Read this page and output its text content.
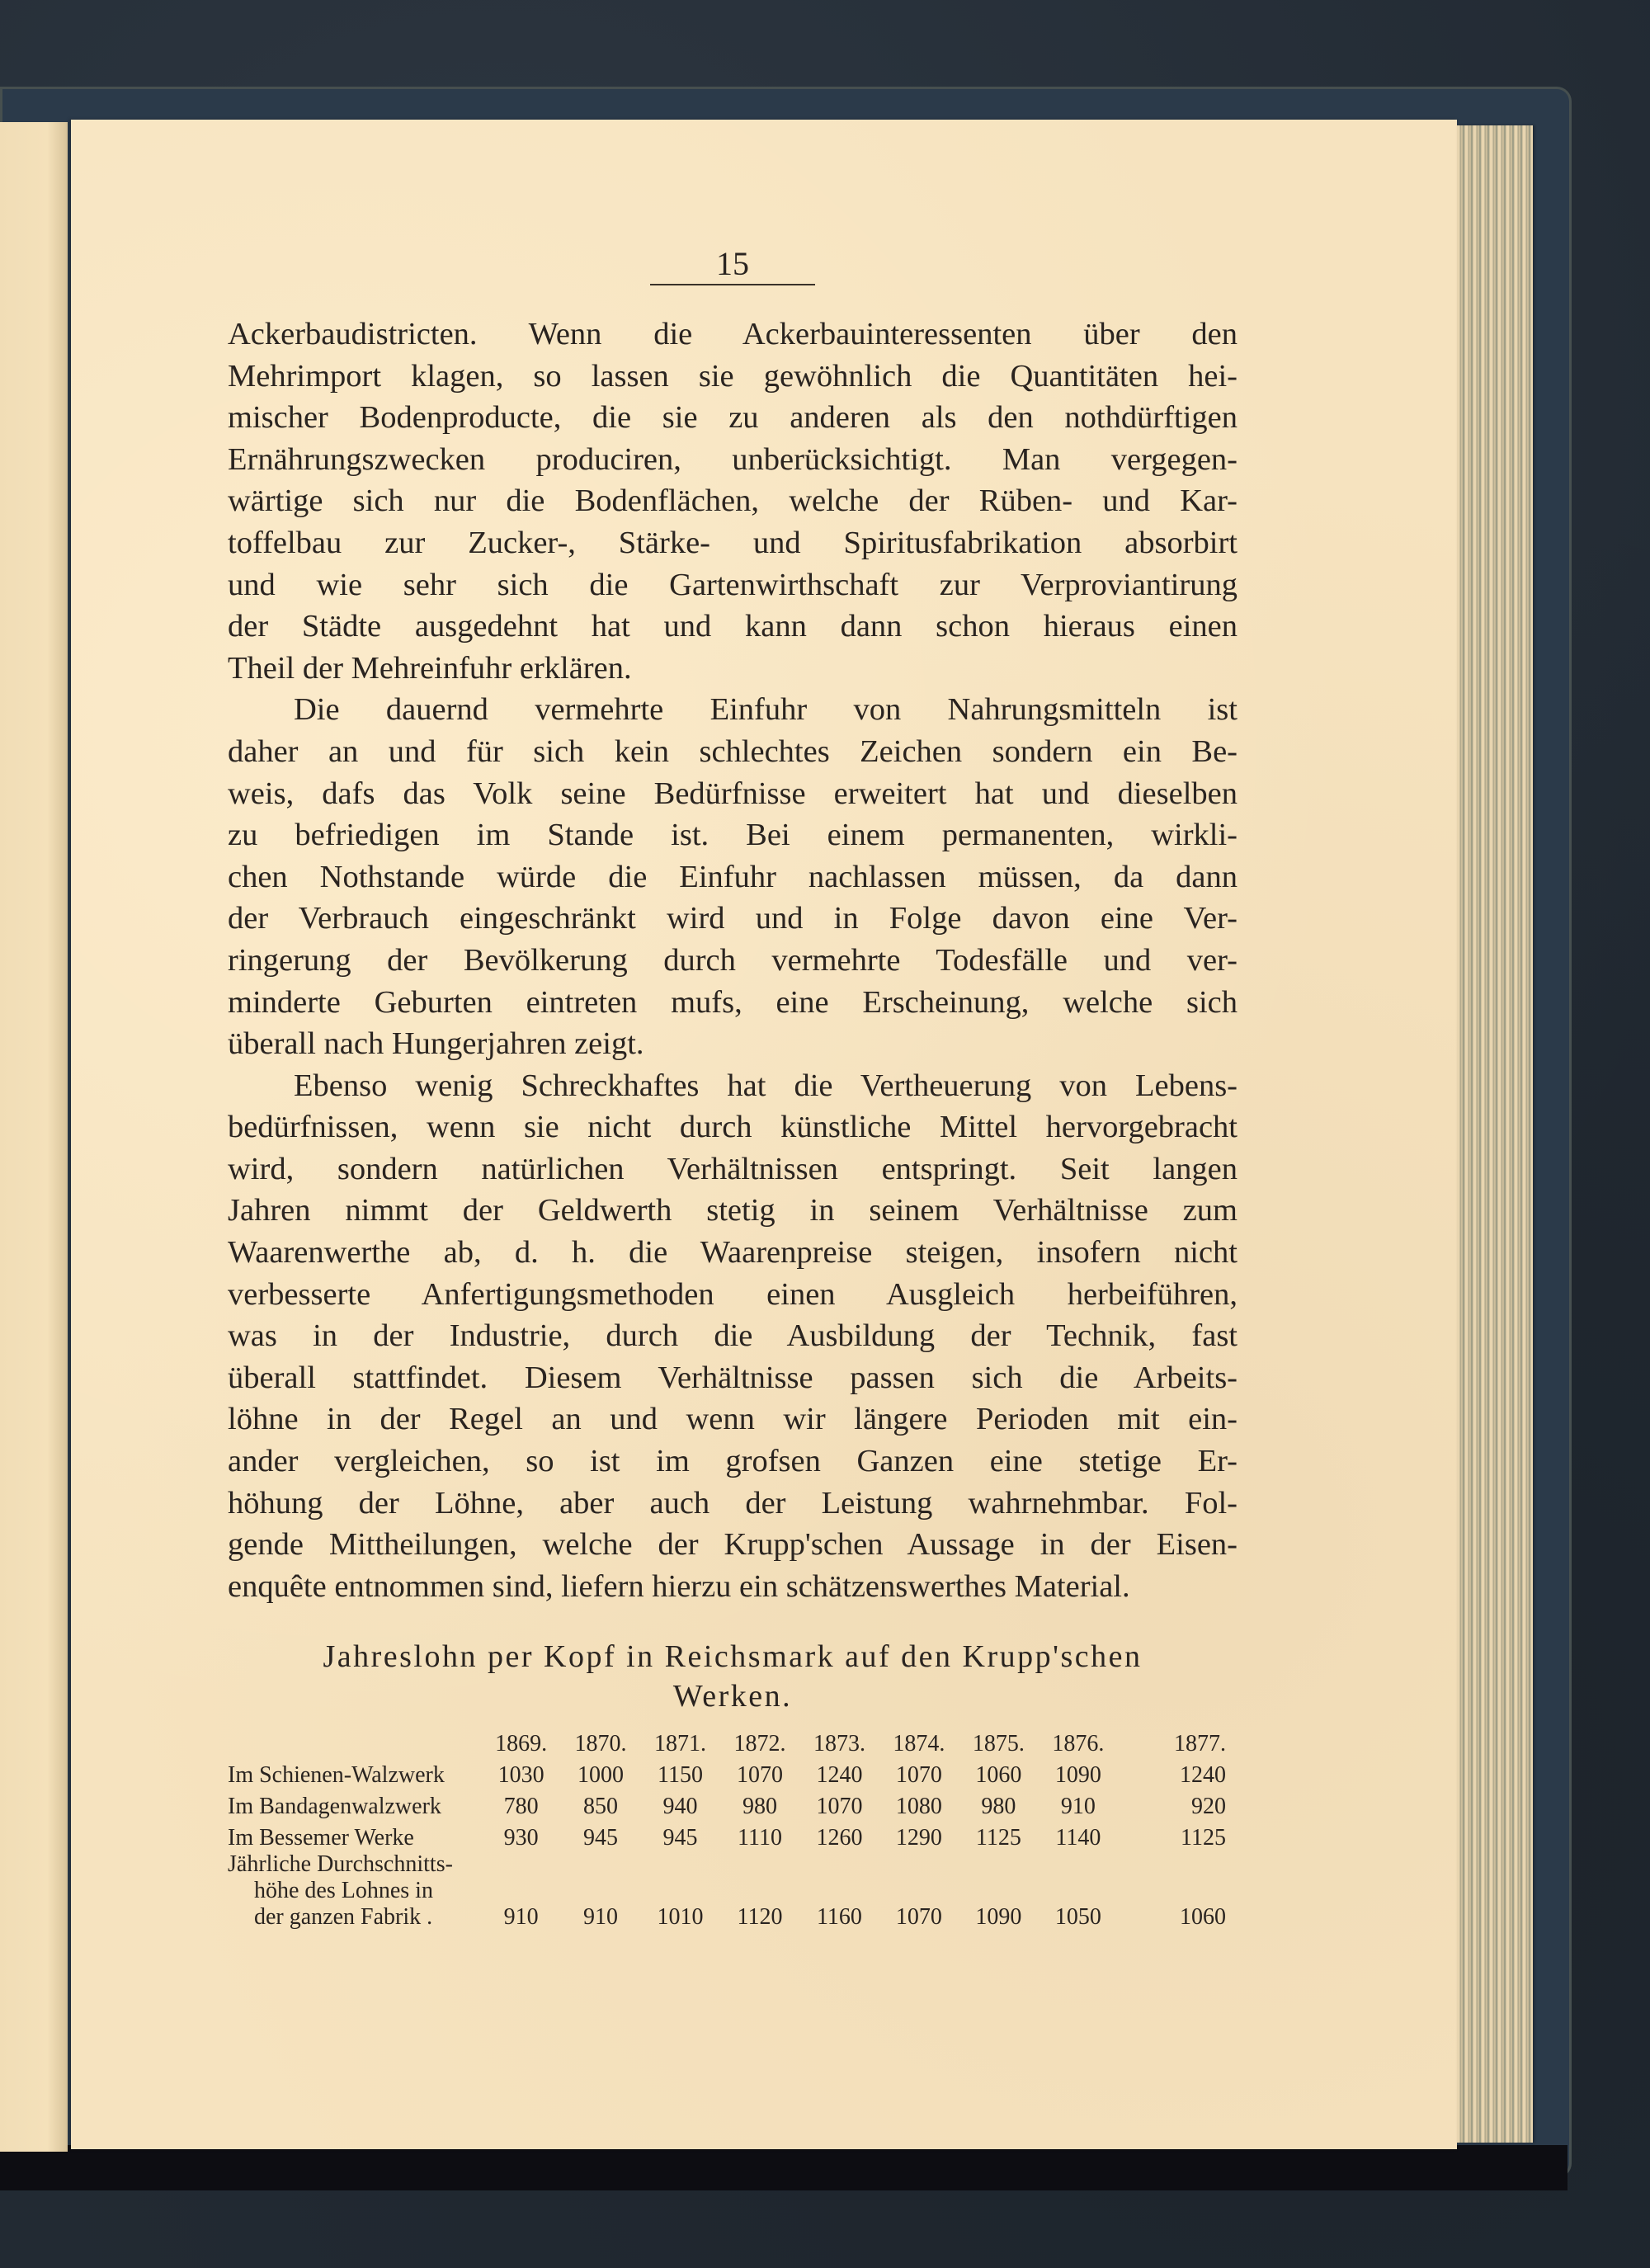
15

Ackerbaudistricten. Wenn die Ackerbauinteressenten über den
Mehrimport klagen, so lassen sie gewöhnlich die Quantitäten hei-
mischer Bodenproducte, die sie zu anderen als den nothdürftigen
Ernährungszwecken produciren, unberücksichtigt. Man vergegen-
wärtige sich nur die Bodenflächen, welche der Rüben- und Kar-
toffelbau zur Zucker-, Stärke- und Spiritusfabrikation absorbirt
und wie sehr sich die Gartenwirthschaft zur Verproviantirung
der Städte ausgedehnt hat und kann dann schon hieraus einen
Theil der Mehreinfuhr erklären.

Die dauernd vermehrte Einfuhr von Nahrungsmitteln ist
daher an und für sich kein schlechtes Zeichen sondern ein Be-
weis, dafs das Volk seine Bedürfnisse erweitert hat und dieselben
zu befriedigen im Stande ist. Bei einem permanenten, wirkli-
chen Nothstande würde die Einfuhr nachlassen müssen, da dann
der Verbrauch eingeschränkt wird und in Folge davon eine Ver-
ringerung der Bevölkerung durch vermehrte Todesfälle und ver-
minderte Geburten eintreten mufs, eine Erscheinung, welche sich
überall nach Hungerjahren zeigt.

Ebenso wenig Schreckhaftes hat die Vertheuerung von Lebens-
bedürfnissen, wenn sie nicht durch künstliche Mittel hervorgebracht
wird, sondern natürlichen Verhältnissen entspringt. Seit langen
Jahren nimmt der Geldwerth stetig in seinem Verhältnisse zum
Waarenwerthe ab, d. h. die Waarenpreise steigen, insofern nicht
verbesserte Anfertigungsmethoden einen Ausgleich herbeiführen,
was in der Industrie, durch die Ausbildung der Technik, fast
überall stattfindet. Diesem Verhältnisse passen sich die Arbeits-
löhne in der Regel an und wenn wir längere Perioden mit ein-
ander vergleichen, so ist im grofsen Ganzen eine stetige Er-
höhung der Löhne, aber auch der Leistung wahrnehmbar. Fol-
gende Mittheilungen, welche der Krupp'schen Aussage in der Eisen-
enquête entnommen sind, liefern hierzu ein schätzenswerthes Material.

Jahreslohn per Kopf in Reichsmark auf den Krupp'schen
Werken.
	1869.	1870.	1871.	1872.	1873.	1874.	1875.	1876.	1877.
Im Schienen-Walzwerk	1030	1000	1150	1070	1240	1070	1060	1090	1240
Im Bandagenwalzwerk	780	850	940	980	1070	1080	980	910	920
Im Bessemer Werke	930	945	945	1110	1260	1290	1125	1140	1125

Jährliche Durchschnitts-
höhe des Lohnes in
der ganzen Fabrik .	910	910	1010	1120	1160	1070	1090	1050	1060
